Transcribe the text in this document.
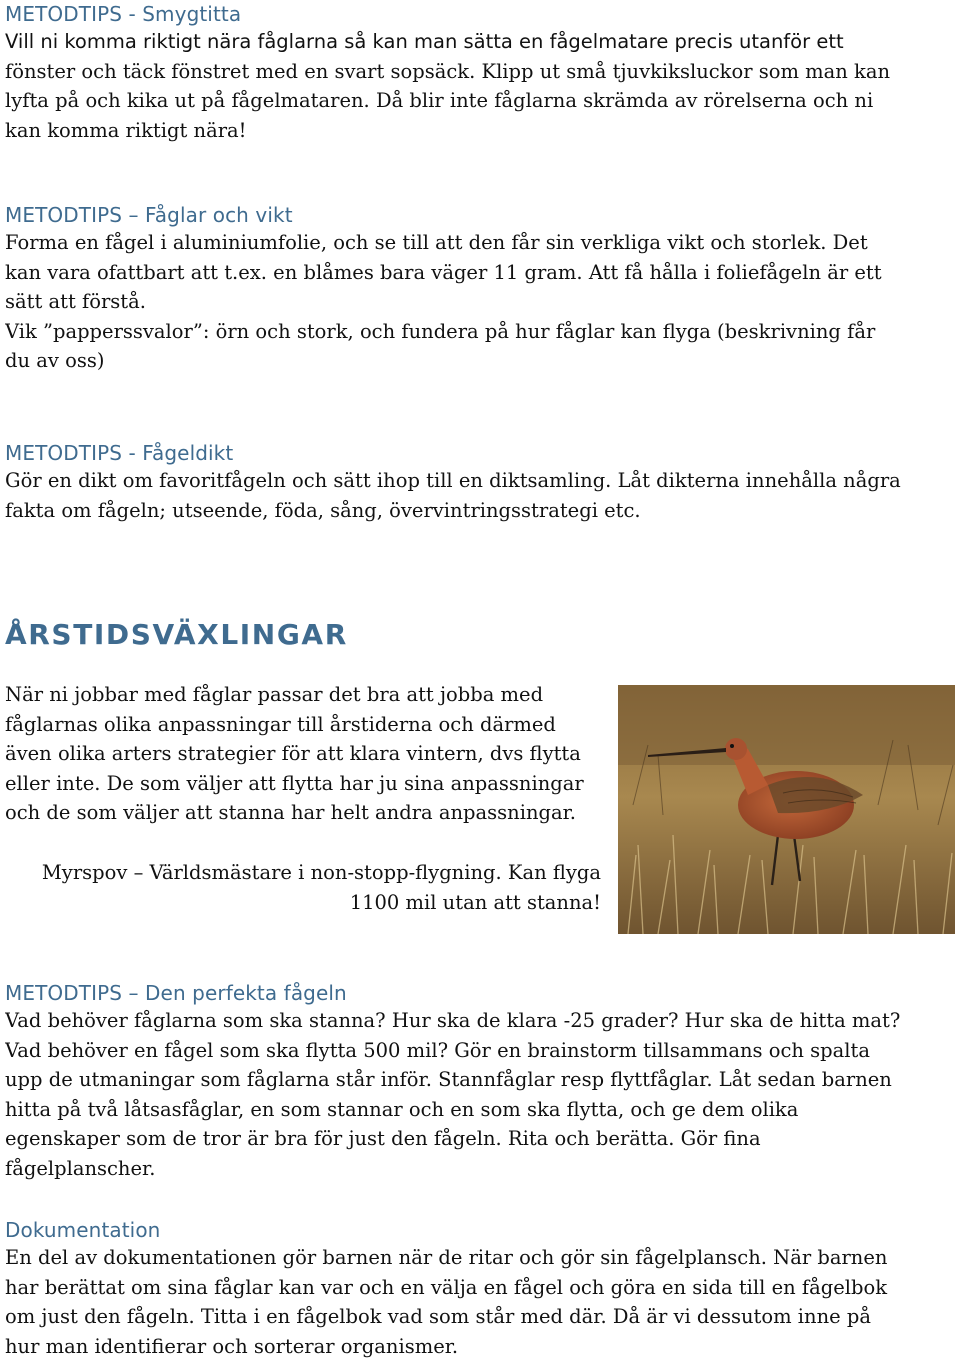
METODTIPS - Smygtitta
Vill ni komma riktigt nära fåglarna så kan man sätta en fågelmatare precis utanför ett
fönster och täck fönstret med en svart sopsäck. Klipp ut små tjuvkiksluckor som man kan
lyfta på och kika ut på fågelmataren. Då blir inte fåglarna skrämda av rörelserna och ni
kan komma riktigt nära!
METODTIPS – Fåglar och vikt
Forma en fågel i aluminiumfolie, och se till att den får sin verkliga vikt och storlek. Det
kan vara ofattbart att t.ex. en blåmes bara väger 11 gram. Att få hålla i foliefågeln är ett
sätt att förstå.
Vik ”papperssvalor”: örn och stork, och fundera på hur fåglar kan flyga (beskrivning får
du av oss)
METODTIPS - Fågeldikt
Gör en dikt om favoritfågeln och sätt ihop till en diktsamling. Låt dikterna innehålla några
fakta om fågeln; utseende, föda, sång, övervintringsstrategi etc.
ÅRSTIDSVÄXLINGAR
När ni jobbar med fåglar passar det bra att jobba med
fåglarnas olika anpassningar till årstiderna och därmed
även olika arters strategier för att klara vintern, dvs flytta
eller inte. De som väljer att flytta har ju sina anpassningar
och de som väljer att stanna har helt andra anpassningar.
Myrspov – Världsmästare i non-stopp-flygning. Kan flyga
1100 mil utan att stanna!
METODTIPS – Den perfekta fågeln
Vad behöver fåglarna som ska stanna? Hur ska de klara -25 grader? Hur ska de hitta mat?
Vad behöver en fågel som ska flytta 500 mil? Gör en brainstorm tillsammans och spalta
upp de utmaningar som fåglarna står inför. Stannfåglar resp flyttfåglar. Låt sedan barnen
hitta på två låtsasfåglar, en som stannar och en som ska flytta, och ge dem olika
egenskaper som de tror är bra för just den fågeln. Rita och berätta. Gör fina
fågelplanscher.
Dokumentation
En del av dokumentationen gör barnen när de ritar och gör sin fågelplansch. När barnen
har berättat om sina fåglar kan var och en välja en fågel och göra en sida till en fågelbok
om just den fågeln. Titta i en fågelbok vad som står med där. Då är vi dessutom inne på
hur man identifierar och sorterar organismer.
